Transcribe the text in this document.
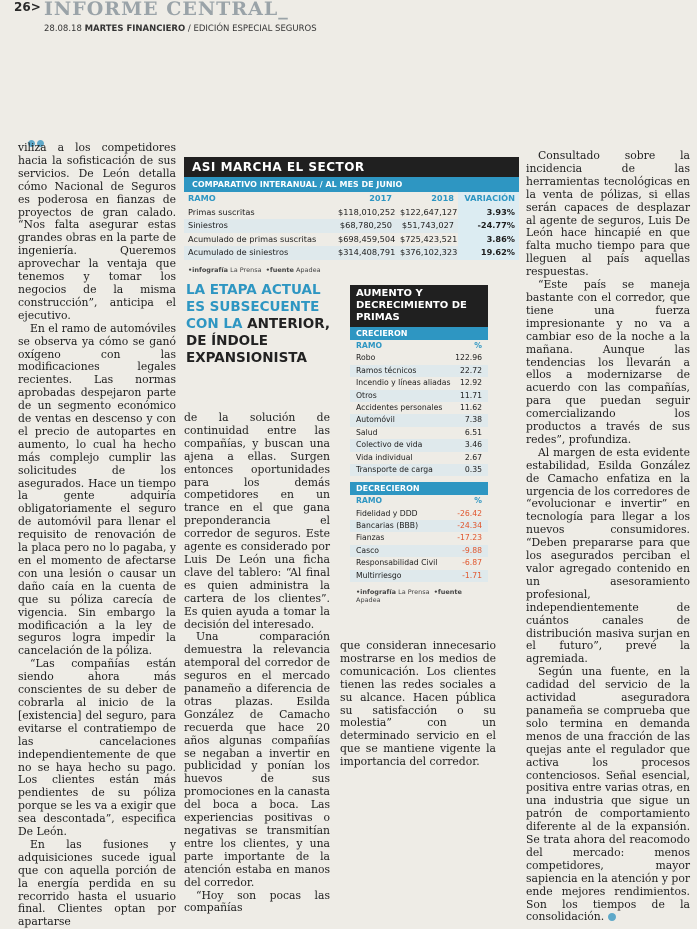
26> INFORME CENTRAL_
28.08.18 MARTES FINANCIERO / EDICIÓN ESPECIAL SEGUROS

viliza a los competidores hacia la sofisticación de sus servicios. De León detalla cómo Nacional de Seguros es poderosa en fianzas de proyectos de gran calado. “Nos falta asegurar estas grandes obras en la parte de ingeniería. Queremos aprovechar la ventaja que tenemos y tomar los negocios de la misma construcción”, anticipa el ejecutivo.

En el ramo de automóviles se observa ya cómo se ganó oxígeno con las modificaciones legales recientes. Las normas aprobadas despejaron parte de un segmento económico de ventas en descenso y con el precio de autopartes en aumento, lo cual ha hecho más complejo cumplir las solicitudes de los asegurados. Hace un tiempo la gente adquiría obligatoriamente el seguro de automóvil para llenar el requisito de renovación de la placa pero no lo pagaba, y en el momento de afectarse con una lesión o causar un daño caía en la cuenta de que su póliza carecía de vigencia. Sin embargo la modificación a la ley de seguros logra impedir la cancelación de la póliza.

“Las compañías están siendo ahora más conscientes de su deber de cobrarla al inicio de la [existencia] del seguro, para evitarse el contratiempo de las cancelaciones independientemente de que no se haya hecho su pago. Los clientes están más pendientes de su póliza porque se les va a exigir que sea descontada”, especifica De León.

En las fusiones y adquisiciones sucede igual que con aquella porción de la energía perdida en su recorrido hasta el usuario final. Clientes optan por apartarse

ASI MARCHA EL SECTOR
COMPARATIVO INTERANUAL / AL MES DE JUNIO
RAMO	2017	2018	VARIACIÓN
Primas suscritas	$118,010,252 $122,647,127	3.93%
Siniestros	$68,780,250	$51,743,027	-24.77%
Acumulado de primas suscritas	$698,459,504 $725,423,521	3.86%
Acumulado de siniestros	$314,408,791 $376,102,323	19.62%
•infografía La Prensa •fuente Apadea
LA ETAPA ACTUAL ES SUBSECUENTE CON LA ANTERIOR, DE ÍNDOLE EXPANSIONISTA
AUMENTO Y DECRECIMIENTO DE PRIMAS
CRECIERON
RAMO	%
Robo	122.96
Ramos técnicos	22.72
Incendio y líneas aliadas 12.92
Otros	11.71
Accidentes personales 11.62
Automóvil	7.38
Salud	6.51
Colectivo de vida	3.46
Vida individual	2.67
Transporte de carga	0.35
DECRECIERON
RAMO	%
Fidelidad y DDD	-26.42
Bancarias (BBB)	-24.34
Fianzas	-17.23
Casco	-9.88
Responsabilidad Civil	-6.87
Multirriesgo	-1.71
•infografía La Prensa •fuente Apadea

de la solución de continuidad entre las compañías, y buscan una ajena a ellas. Surgen entonces oportunidades para los demás competidores en un trance en el que gana preponderancia el corredor de seguros. Este agente es considerado por Luis De León una ficha clave del tablero: “Al final es quien administra la cartera de los clientes”. Es quien ayuda a tomar la decisión del interesado.

Una comparación demuestra la relevancia atemporal del corredor de seguros en el mercado panameño a diferencia de otras plazas. Esilda González de Camacho recuerda que hace 20 años algunas compañías se negaban a invertir en publicidad y ponían los huevos de sus promociones en la canasta del boca a boca. Las experiencias positivas o negativas se transmitían entre los clientes, y una parte importante de la atención estaba en manos del corredor.

“Hoy son pocas las compañías

que consideran innecesario mostrarse en los medios de comunicación. Los clientes tienen las redes sociales a su alcance. Hacen pública su satisfacción o su molestia” con un determinado servicio en el que se mantiene vigente la importancia del corredor.

Consultado sobre la incidencia de las herramientas tecnológicas en la venta de pólizas, si ellas serán capaces de desplazar al agente de seguros, Luis De León hace hincapié en que falta mucho tiempo para que lleguen al país aquellas respuestas.

“Este país se maneja bastante con el corredor, que tiene una fuerza impresionante y no va a cambiar eso de la noche a la mañana. Aunque las tendencias los llevarán a ellos a modernizarse de acuerdo con las compañías, para que puedan seguir comercializando los productos a través de sus redes”, profundiza.

Al margen de esta evidente estabilidad, Esilda González de Camacho enfatiza en la urgencia de los corredores de “evolucionar e invertir” en tecnología para llegar a los nuevos consumidores. “Deben prepararse para que los asegurados perciban el valor agregado contenido en un asesoramiento profesional, independientemente de cuántos canales de distribución masiva surjan en el futuro”, prevé la agremiada.

Según una fuente, en la cadidad del servicio de la actividad aseguradora panameña se comprueba que solo termina en demanda menos de una fracción de las quejas ante el regulador que activa los procesos contenciosos. Señal esencial, positiva entre varias otras, en una industria que sigue un patrón de comportamiento diferente al de la expansión. Se trata ahora del reacomodo del mercado: menos competidores, mayor sapiencia en la atención y por ende mejores rendimientos. Son los tiempos de la consolidación.
